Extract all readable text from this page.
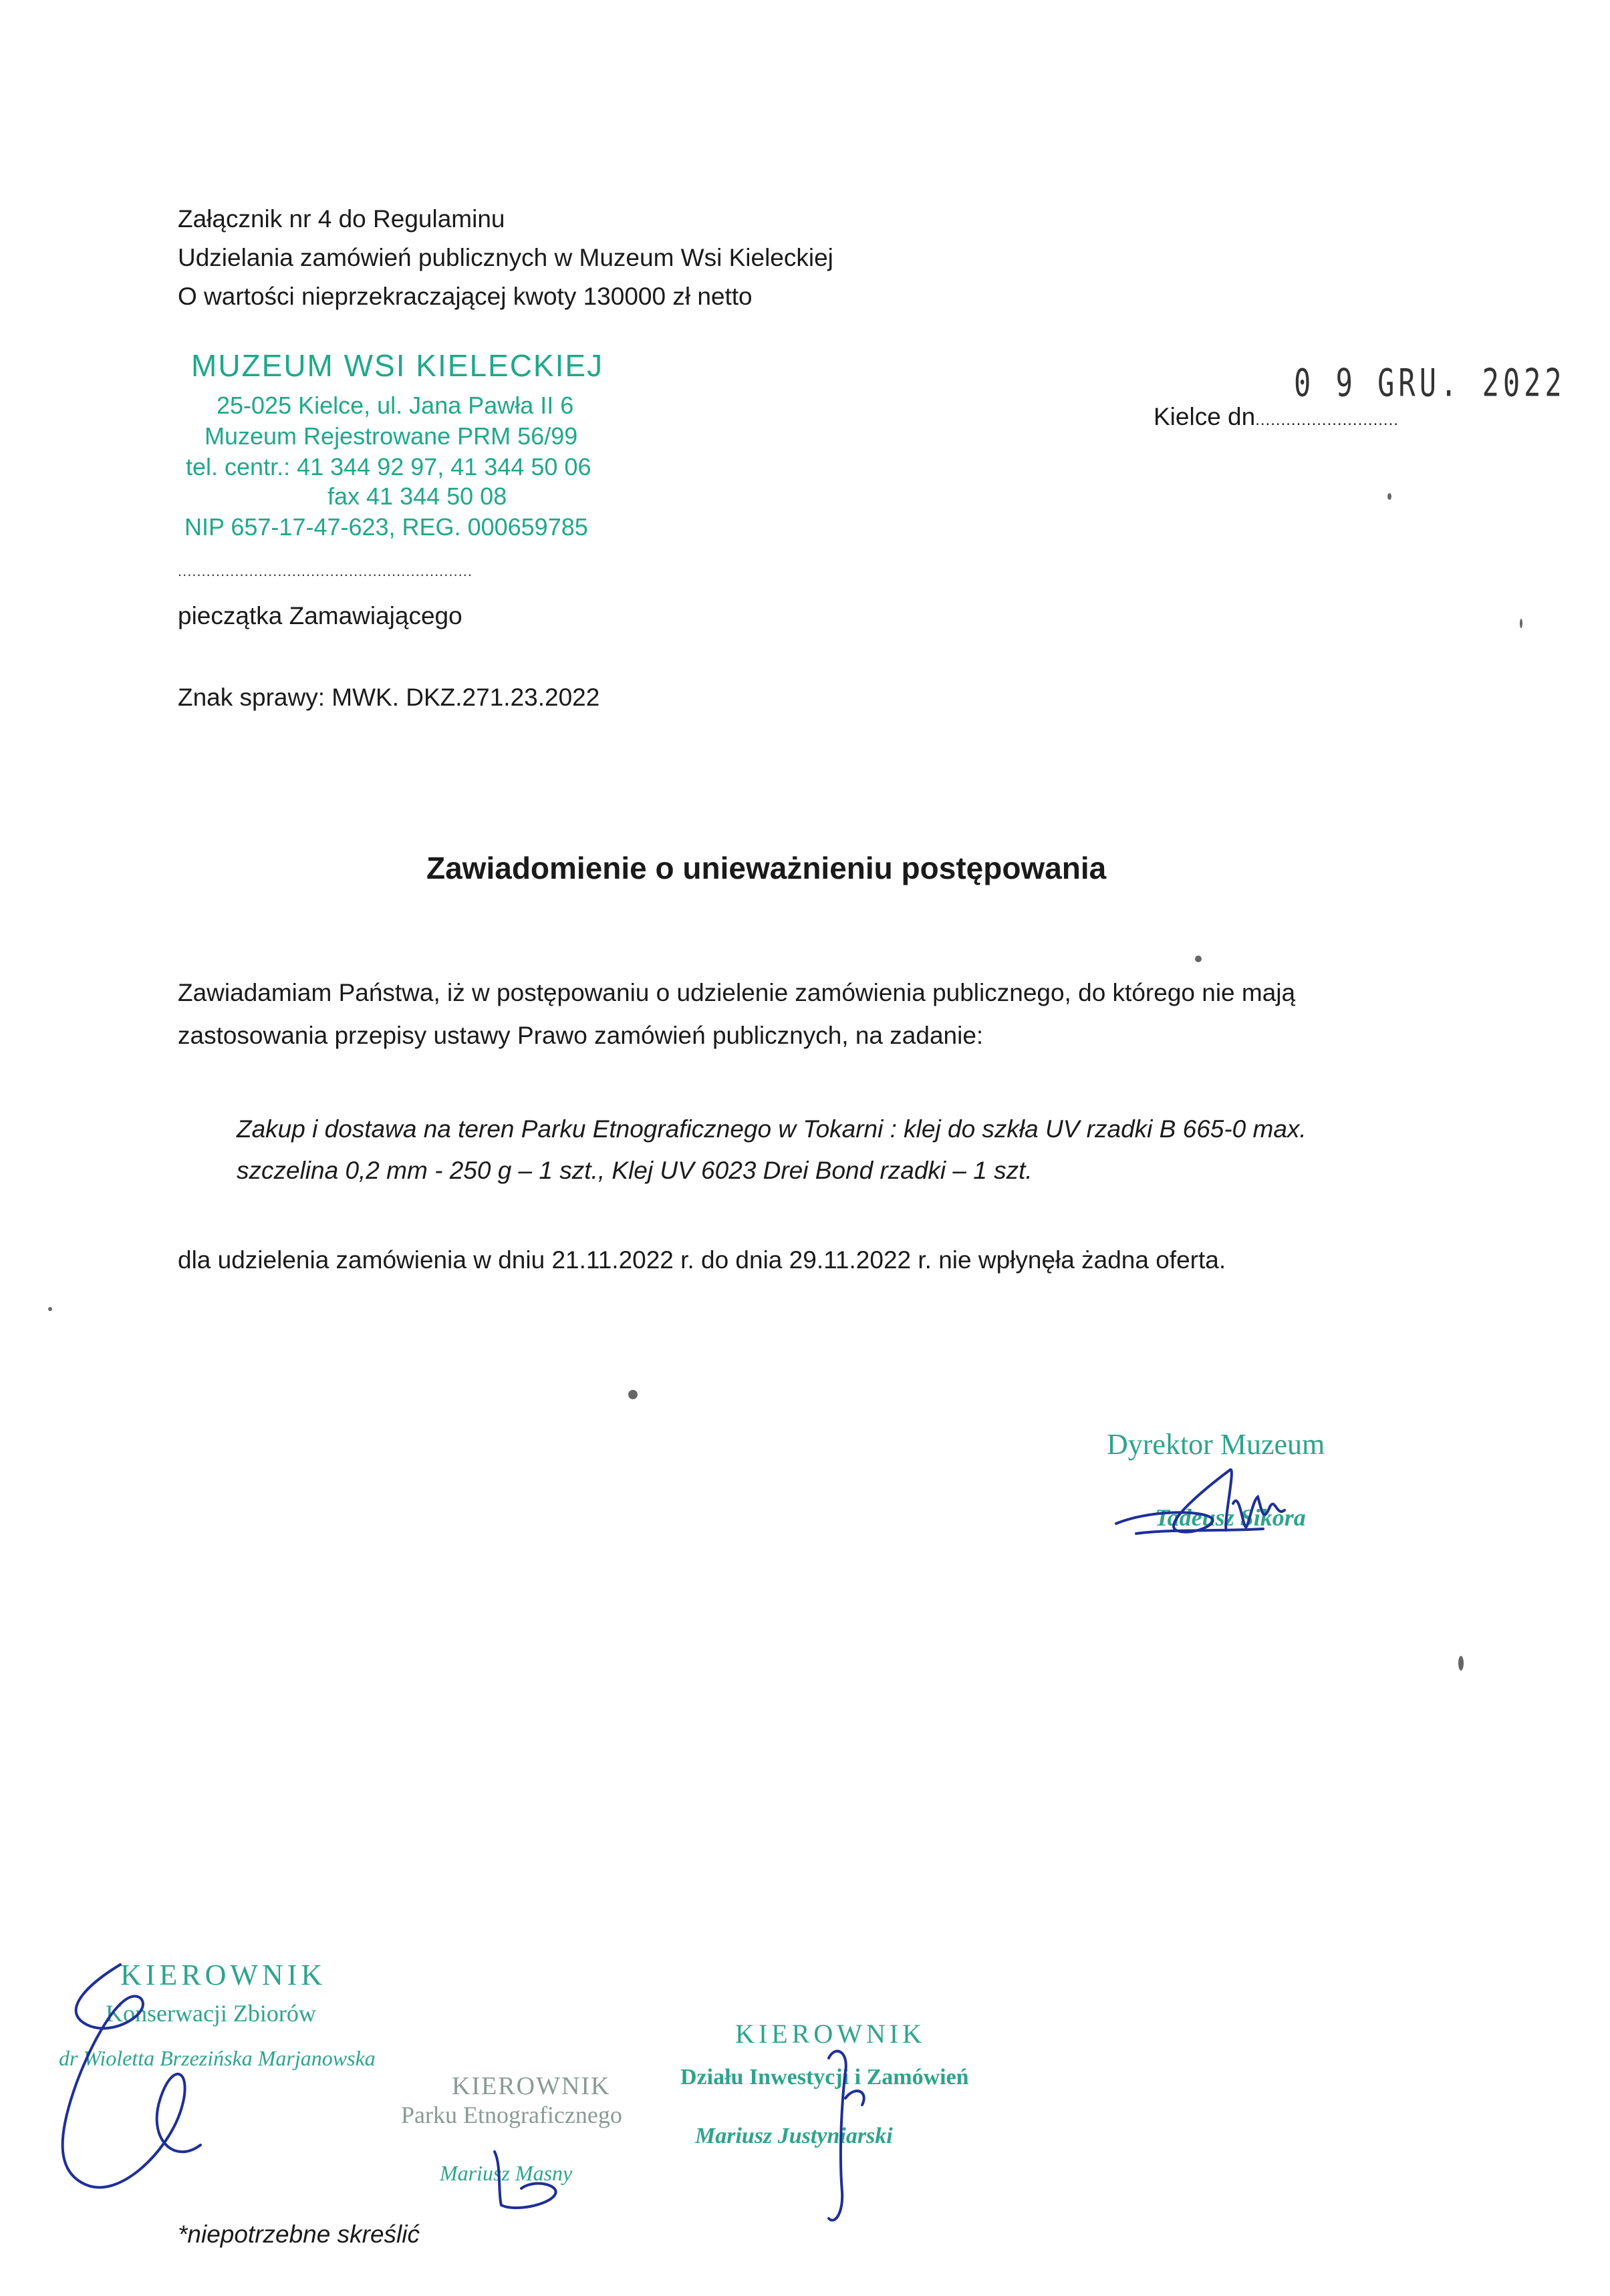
Załącznik nr 4 do Regulaminu
Udzielania zamówień publicznych w Muzeum Wsi Kieleckiej
O wartości nieprzekraczającej kwoty 130000 zł netto
MUZEUM WSI KIELECKIEJ
25-025 Kielce, ul. Jana Pawła II 6
Muzeum Rejestrowane PRM 56/99
tel. centr.: 41 344 92 97, 41 344 50 06
fax 41 344 50 08
NIP 657-17-47-623, REG. 000659785
..............................................................
pieczątka Zamawiającego
0 9 GRU. 2022
Kielce dn............................
Znak sprawy: MWK. DKZ.271.23.2022
Zawiadomienie o unieważnieniu postępowania
Zawiadamiam Państwa, iż w postępowaniu o udzielenie zamówienia publicznego, do którego nie mają
zastosowania przepisy ustawy Prawo zamówień publicznych, na zadanie:
Zakup i dostawa na teren Parku Etnograficznego w Tokarni : klej do szkła UV rzadki B 665-0 max.
szczelina 0,2 mm - 250 g – 1 szt., Klej UV 6023 Drei Bond rzadki – 1 szt.
dla udzielenia zamówienia w dniu 21.11.2022 r. do dnia 29.11.2022 r. nie wpłynęła żadna oferta.
Dyrektor Muzeum
Tadeusz Sikora
KIEROWNIK
Konserwacji Zbiorów
dr Wioletta Brzezińska Marjanowska
KIEROWNIK
Parku Etnograficznego
Mariusz Masny
KIEROWNIK
Działu Inwestycji i Zamówień
Mariusz Justyniarski
*niepotrzebne skreślić
